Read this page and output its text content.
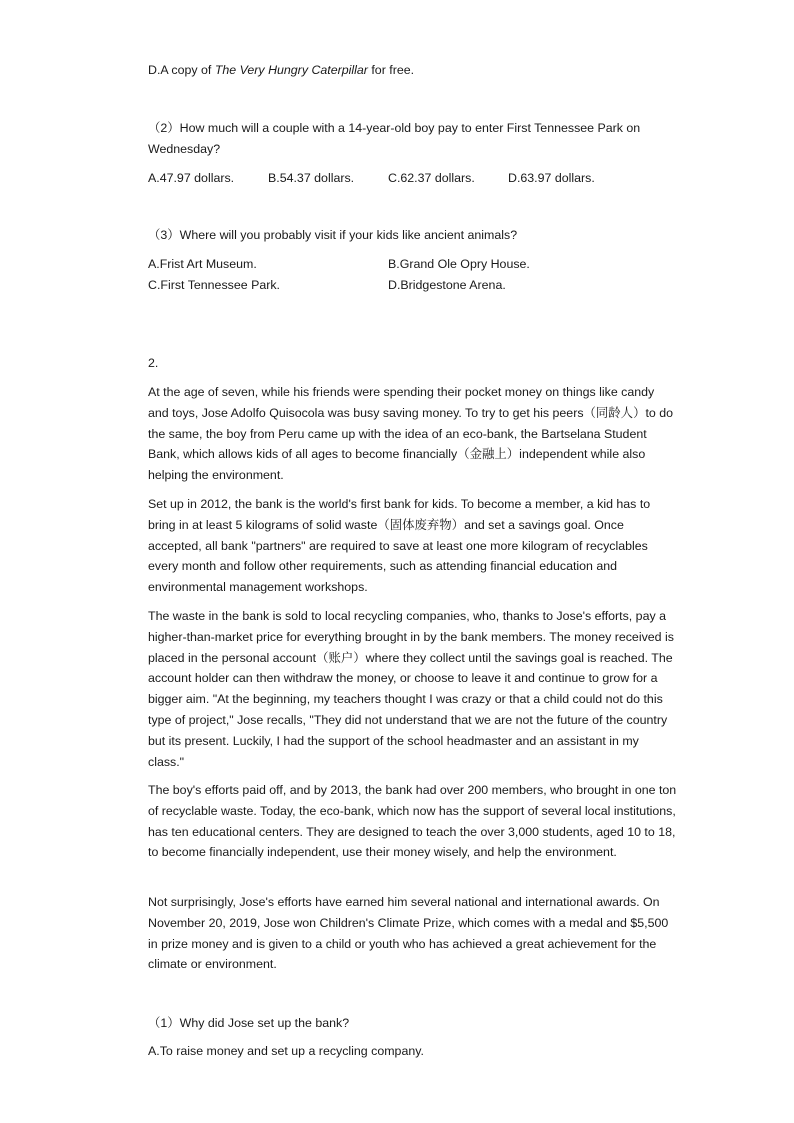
D.A copy of The Very Hungry Caterpillar for free.
（2）How much will a couple with a 14-year-old boy pay to enter First Tennessee Park on
Wednesday?
A.47.97 dollars.	B.54.37 dollars.	C.62.37 dollars.	D.63.97 dollars.
（3）Where will you probably visit if your kids like ancient animals?
A.Frist Art Museum.	B.Grand Ole Opry House.
C.First Tennessee Park.	D.Bridgestone Arena.
2.
At the age of seven, while his friends were spending their pocket money on things like candy and toys, Jose Adolfo Quisocola was busy saving money. To try to get his peers（同龄人）to do the same, the boy from Peru came up with the idea of an eco-bank, the Bartselana Student Bank, which allows kids of all ages to become financially（金融上）independent while also helping the environment.
Set up in 2012, the bank is the world's first bank for kids. To become a member, a kid has to bring in at least 5 kilograms of solid waste（固体废弃物）and set a savings goal. Once accepted, all bank "partners" are required to save at least one more kilogram of recyclables every month and follow other requirements, such as attending financial education and environmental management workshops.
The waste in the bank is sold to local recycling companies, who, thanks to Jose's efforts, pay a higher-than-market price for everything brought in by the bank members. The money received is placed in the personal account（账户）where they collect until the savings goal is reached. The account holder can then withdraw the money, or choose to leave it and continue to grow for a bigger aim. "At the beginning, my teachers thought I was crazy or that a child could not do this type of project," Jose recalls, "They did not understand that we are not the future of the country but its present. Luckily, I had the support of the school headmaster and an assistant in my class."
The boy's efforts paid off, and by 2013, the bank had over 200 members, who brought in one ton of recyclable waste. Today, the eco-bank, which now has the support of several local institutions, has ten educational centers. They are designed to teach the over 3,000 students, aged 10 to 18, to become financially independent, use their money wisely, and help the environment.
Not surprisingly, Jose's efforts have earned him several national and international awards. On November 20, 2019, Jose won Children's Climate Prize, which comes with a medal and $5,500 in prize money and is given to a child or youth who has achieved a great achievement for the climate or environment.
（1）Why did Jose set up the bank?
A.To raise money and set up a recycling company.
